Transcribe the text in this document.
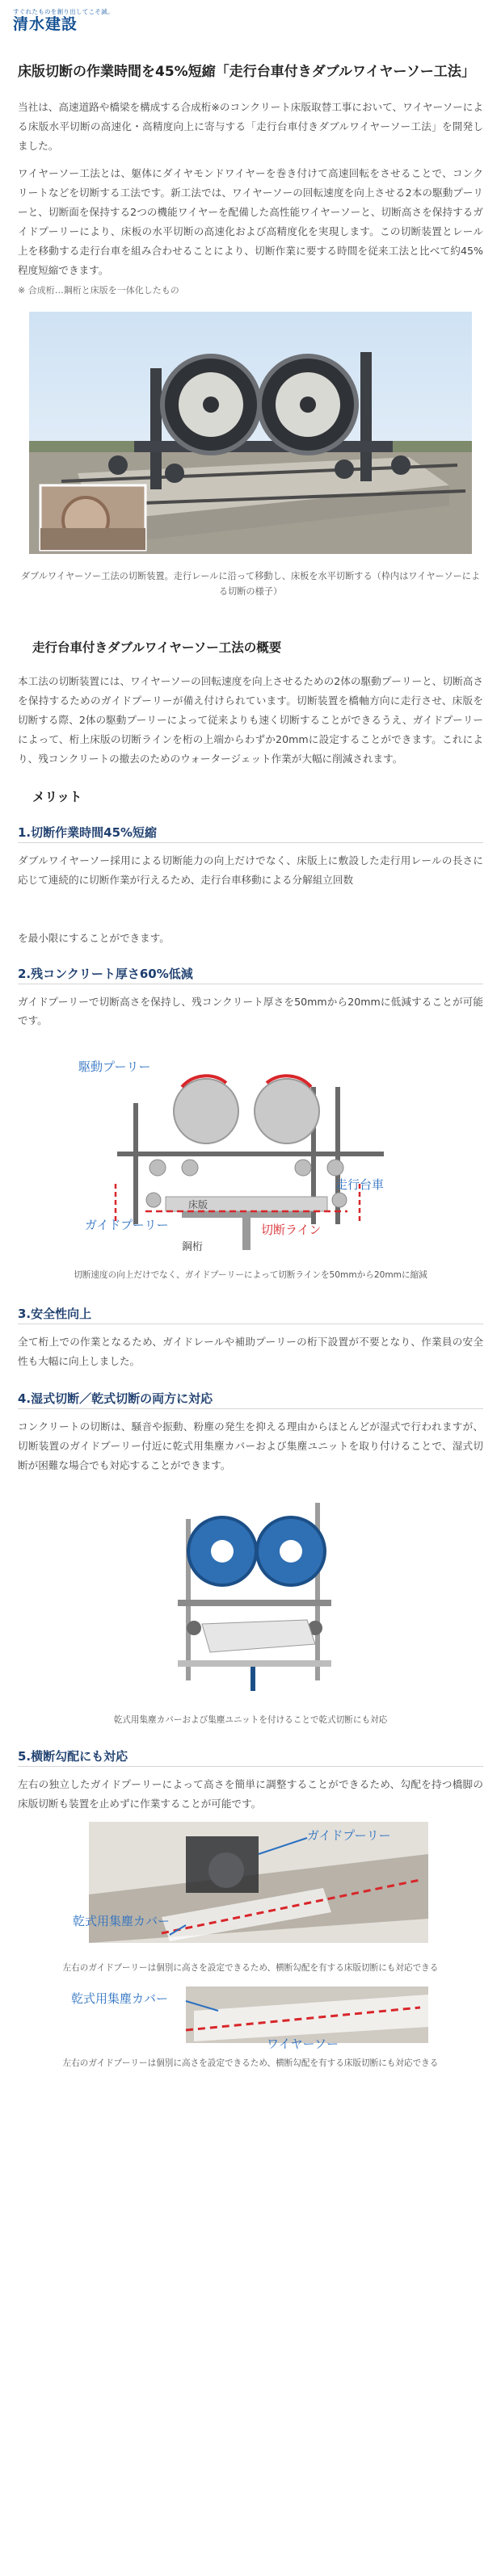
すぐれたものを創り出してこそ誠。
清水建設
床版切断の作業時間を45%短縮「走行台車付きダブルワイヤーソー工法」

当社は、高速道路や橋梁を構成する合成桁※のコンクリート床版取替工事において、ワイヤーソーによる床版水平切断の高速化・高精度向上に寄与する「走行台車付きダブルワイヤーソー工法」を開発しました。

ワイヤーソー工法とは、躯体にダイヤモンドワイヤーを巻き付けて高速回転をさせることで、コンクリートなどを切断する工法です。新工法では、ワイヤーソーの回転速度を向上させる2本の駆動プーリーと、切断面を保持する2つの機能ワイヤーを配備した高性能ワイヤーソーと、切断高さを保持するガイドプーリーにより、床板の水平切断の高速化および高精度化を実現します。この切断装置とレール上を移動する走行台車を組み合わせることにより、切断作業に要する時間を従来工法と比べて約45%程度短縮できます。

※ 合成桁…鋼桁と床版を一体化したもの

ダブルワイヤーソー工法の切断装置。走行レールに沿って移動し、床板を水平切断する（枠内はワイヤーソーによる切断の様子）

走行台車付きダブルワイヤーソー工法の概要

本工法の切断装置には、ワイヤーソーの回転速度を向上させるための2体の駆動プーリーと、切断高さを保持するためのガイドプーリーが備え付けられています。切断装置を橋軸方向に走行させ、床版を切断する際、2体の駆動プーリーによって従来よりも速く切断することができるうえ、ガイドプーリーによって、桁上床版の切断ラインを桁の上端からわずか20mmに設定することができます。これにより、残コンクリートの撤去のためのウォータージェット作業が大幅に削減されます。

メリット
1.切断作業時間45%短縮

ダブルワイヤーソー採用による切断能力の向上だけでなく、床版上に敷設した走行用レールの長さに応じて連続的に切断作業が行えるため、走行台車移動による分解組立回数

を最小限にすることができます。

2.残コンクリート厚さ60%低減

ガイドプーリーで切断高さを保持し、残コンクリート厚さを50mmから20mmに低減することが可能です。

駆動プーリー
床版
走行台車
ガイドプーリー
鋼桁
切断ライン

切断速度の向上だけでなく、ガイドプーリーによって切断ラインを50mmから20mmに縮減

3.安全性向上

全て桁上での作業となるため、ガイドレールや補助プーリーの桁下設置が不要となり、作業員の安全性も大幅に向上しました。

4.湿式切断／乾式切断の両方に対応

コンクリートの切断は、騒音や振動、粉塵の発生を抑える理由からほとんどが湿式で行われますが、切断装置のガイドプーリー付近に乾式用集塵カバーおよび集塵ユニットを取り付けることで、湿式切断が困難な場合でも対応することができます。

乾式用集塵カバーおよび集塵ユニットを付けることで乾式切断にも対応

5.横断勾配にも対応

左右の独立したガイドプーリーによって高さを簡単に調整することができるため、勾配を持つ橋脚の床版切断も装置を止めずに作業することが可能です。

ガイドプーリー
乾式用集塵カバー

左右のガイドプーリーは個別に高さを設定できるため、横断勾配を有する床版切断にも対応できる

乾式用集塵カバー
ワイヤーソー

左右のガイドプーリーは個別に高さを設定できるため、横断勾配を有する床版切断にも対応できる
